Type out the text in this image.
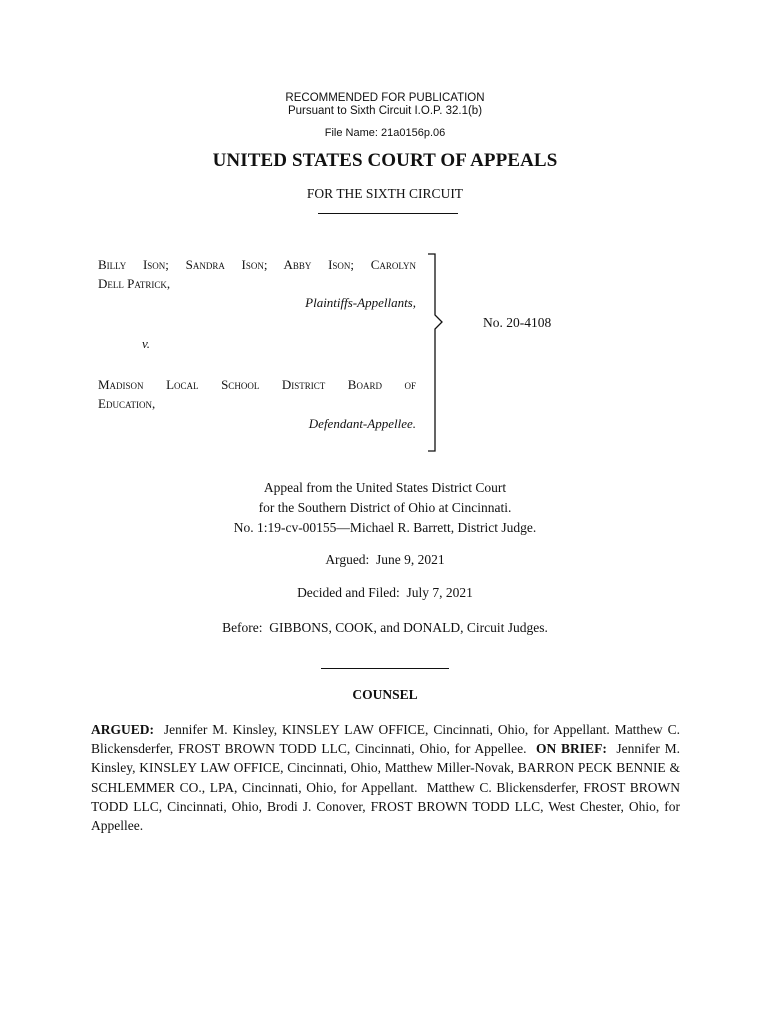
RECOMMENDED FOR PUBLICATION
Pursuant to Sixth Circuit I.O.P. 32.1(b)
File Name: 21a0156p.06
UNITED STATES COURT OF APPEALS
FOR THE SIXTH CIRCUIT
Billy Ison; Sandra Ison; Abby Ison; Carolyn
Dell Patrick,
Plaintiffs-Appellants,
v.
Madison Local School District Board of
Education,
Defendant-Appellee.
No. 20-4108
Appeal from the United States District Court
for the Southern District of Ohio at Cincinnati.
No. 1:19-cv-00155—Michael R. Barrett, District Judge.
Argued:  June 9, 2021
Decided and Filed:  July 7, 2021
Before:  GIBBONS, COOK, and DONALD, Circuit Judges.
COUNSEL
ARGUED:  Jennifer M. Kinsley, KINSLEY LAW OFFICE, Cincinnati, Ohio, for Appellant. Matthew C. Blickensderfer, FROST BROWN TODD LLC, Cincinnati, Ohio, for Appellee.  ON BRIEF:  Jennifer M. Kinsley, KINSLEY LAW OFFICE, Cincinnati, Ohio, Matthew Miller-Novak, BARRON PECK BENNIE & SCHLEMMER CO., LPA, Cincinnati, Ohio, for Appellant.  Matthew C. Blickensderfer, FROST BROWN TODD LLC, Cincinnati, Ohio, Brodi J. Conover, FROST BROWN TODD LLC, West Chester, Ohio, for Appellee.
